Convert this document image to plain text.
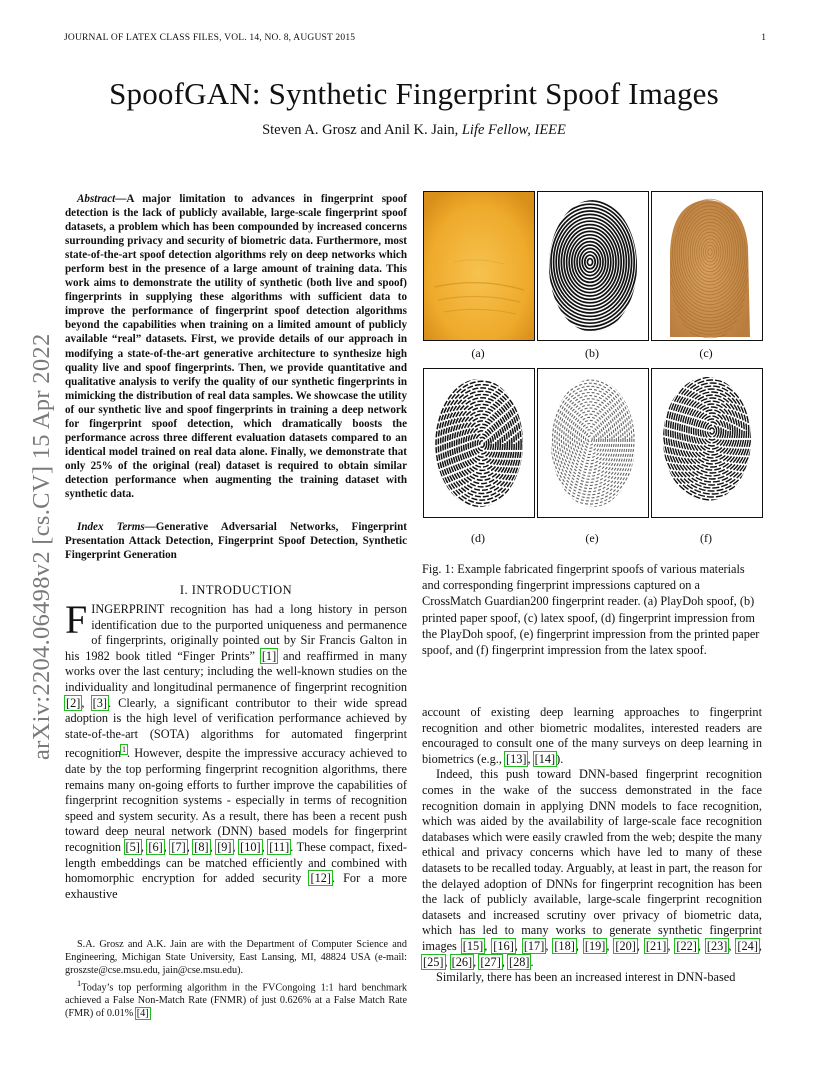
JOURNAL OF LATEX CLASS FILES, VOL. 14, NO. 8, AUGUST 2015	1
SpoofGAN: Synthetic Fingerprint Spoof Images
Steven A. Grosz and Anil K. Jain, Life Fellow, IEEE
arXiv:2204.06498v2 [cs.CV] 15 Apr 2022
Abstract—A major limitation to advances in fingerprint spoof detection is the lack of publicly available, large-scale fingerprint spoof datasets, a problem which has been compounded by increased concerns surrounding privacy and security of biometric data. Furthermore, most state-of-the-art spoof detection algorithms rely on deep networks which perform best in the presence of a large amount of training data. This work aims to demonstrate the utility of synthetic (both live and spoof) fingerprints in supplying these algorithms with sufficient data to improve the performance of fingerprint spoof detection algorithms beyond the capabilities when training on a limited amount of publicly available “real” datasets. First, we provide details of our approach in modifying a state-of-the-art generative architecture to synthesize high quality live and spoof fingerprints. Then, we provide quantitative and qualitative analysis to verify the quality of our synthetic fingerprints in mimicking the distribution of real data samples. We showcase the utility of our synthetic live and spoof fingerprints in training a deep network for fingerprint spoof detection, which dramatically boosts the performance across three different evaluation datasets compared to an identical model trained on real data alone. Finally, we demonstrate that only 25% of the original (real) dataset is required to obtain similar detection performance when augmenting the training dataset with synthetic data.
Index Terms—Generative Adversarial Networks, Fingerprint Presentation Attack Detection, Fingerprint Spoof Detection, Synthetic Fingerprint Generation
I. INTRODUCTION
FINGERPRINT recognition has had a long history in person identification due to the purported uniqueness and permanence of fingerprints, originally pointed out by Sir Francis Galton in his 1982 book titled “Finger Prints” [1] and reaffirmed in many works over the last century; including the well-known studies on the individuality and longitudinal permanence of fingerprint recognition [2], [3]. Clearly, a significant contributor to their wide spread adoption is the high level of verification performance achieved by state-of-the-art (SOTA) algorithms for automated fingerprint recognition$^1$. However, despite the impressive accuracy achieved to date by the top performing fingerprint recognition algorithms, there remains many on-going efforts to further improve the capabilities of fingerprint recognition systems - especially in terms of recognition speed and system security. As a result, there has been a recent push toward deep neural network (DNN) based models for fingerprint recognition [5], [6], [7], [8], [9], [10], [11]. These compact, fixed-length embeddings can be matched efficiently and combined with homomorphic encryption for added security [12]. For a more exhaustive

S.A. Grosz and A.K. Jain are with the Department of Computer Science and Engineering, Michigan State University, East Lansing, MI, 48824 USA (e-mail: groszste@cse.msu.edu, jain@cse.msu.edu).

$^1$Today’s top performing algorithm in the FVCongoing 1:1 hard benchmark achieved a False Non-Match Rate (FNMR) of just 0.626% at a False Match Rate (FMR) of 0.01% [4]

(a)	(b)	(c)
(d)	(e)	(f)
Fig. 1: Example fabricated fingerprint spoofs of various materials and corresponding fingerprint impressions captured on a CrossMatch Guardian200 fingerprint reader. (a) PlayDoh spoof, (b) printed paper spoof, (c) latex spoof, (d) fingerprint impression from the PlayDoh spoof, (e) fingerprint impression from the printed paper spoof, and (f) fingerprint impression from the latex spoof.

account of existing deep learning approaches to fingerprint recognition and other biometric modalites, interested readers are encouraged to consult one of the many surveys on deep learning in biometrics (e.g., [13], [14]).

Indeed, this push toward DNN-based fingerprint recognition comes in the wake of the success demonstrated in the face recognition domain in applying DNN models to face recognition, which was aided by the availability of large-scale face recognition databases which were easily crawled from the web; despite the many ethical and privacy concerns which have led to many of these datasets to be recalled today. Arguably, at least in part, the reason for the delayed adoption of DNNs for fingerprint recognition has been the lack of publicly available, large-scale fingerprint recognition datasets and increased scrutiny over privacy of biometric data, which has led to many works to generate synthetic fingerprint images [15], [16], [17], [18], [19], [20], [21], [22], [23], [24], [25], [26], [27], [28].

Similarly, there has been an increased interest in DNN-based
